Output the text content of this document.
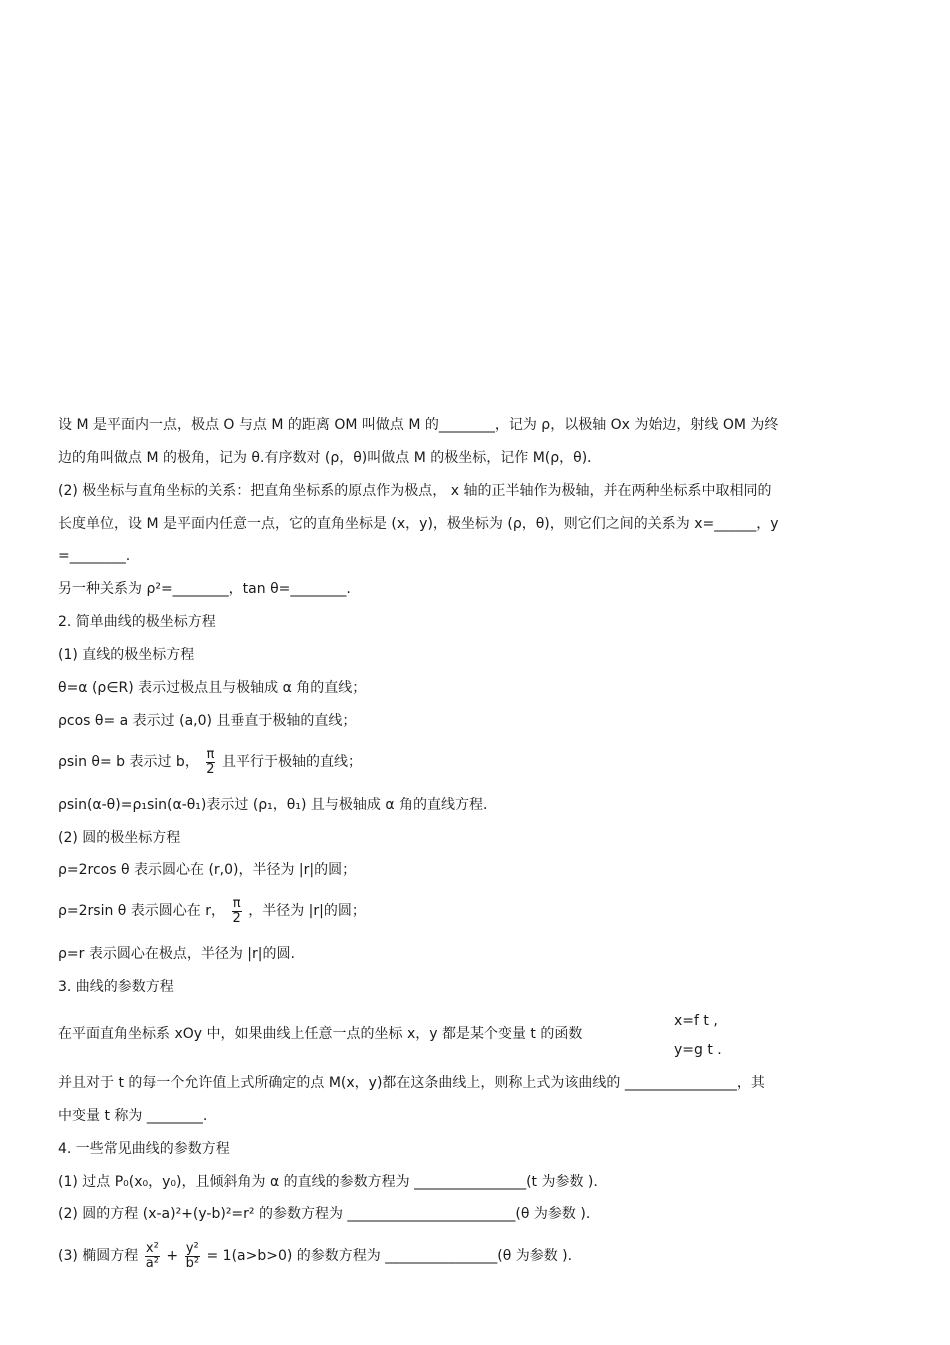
设 M 是平面内一点，极点 O 与点 M 的距离 OM 叫做点 M 的________，记为 ρ，以极轴 Ox 为始边，射线 OM 为终
边的角叫做点 M 的极角，记为 θ.有序数对 (ρ，θ)叫做点 M 的极坐标，记作 M(ρ，θ)．
(2) 极坐标与直角坐标的关系：把直角坐标系的原点作为极点， x 轴的正半轴作为极轴，并在两种坐标系中取相同的
长度单位，设 M 是平面内任意一点，它的直角坐标是 (x，y)，极坐标为 (ρ，θ)，则它们之间的关系为 x=______，y
=________.
另一种关系为 ρ²=________，tan θ=________.
2. 简单曲线的极坐标方程
(1) 直线的极坐标方程
θ=α (ρ∈R) 表示过极点且与极轴成 α 角的直线；
ρcos θ= a 表示过 (a,0) 且垂直于极轴的直线；
ρsin θ= b 表示过 b， $\frac{\pi}{2}$ 且平行于极轴的直线；
ρsin(α-θ)=ρ₁sin(α-θ₁)表示过 (ρ₁，θ₁) 且与极轴成 α 角的直线方程.
(2) 圆的极坐标方程
ρ=2rcos θ 表示圆心在 (r,0)，半径为 |r|的圆；
ρ=2rsin θ 表示圆心在 r， $\frac{\pi}{2}$ ，半径为 |r|的圆；
ρ=r 表示圆心在极点，半径为 |r|的圆.
3. 曲线的参数方程
在平面直角坐标系 xOy 中，如果曲线上任意一点的坐标 x，y 都是某个变量 t 的函数
x=f t ,
y=g t .
并且对于 t 的每一个允许值上式所确定的点 M(x，y)都在这条曲线上，则称上式为该曲线的 ________________，其
中变量 t 称为 ________.
4. 一些常见曲线的参数方程
(1) 过点 P₀(x₀，y₀)，且倾斜角为 α 的直线的参数方程为 ________________(t 为参数 ).
(2) 圆的方程 (x-a)²+(y-b)²=r² 的参数方程为 ________________________(θ 为参数 ).
(3) 椭圆方程 $\frac{\text{x²}}{\text{a²}} + \frac{\text{y²}}{\text{b²}} = 1(a>b>0)$ 的参数方程为 ________________(θ 为参数 ).
